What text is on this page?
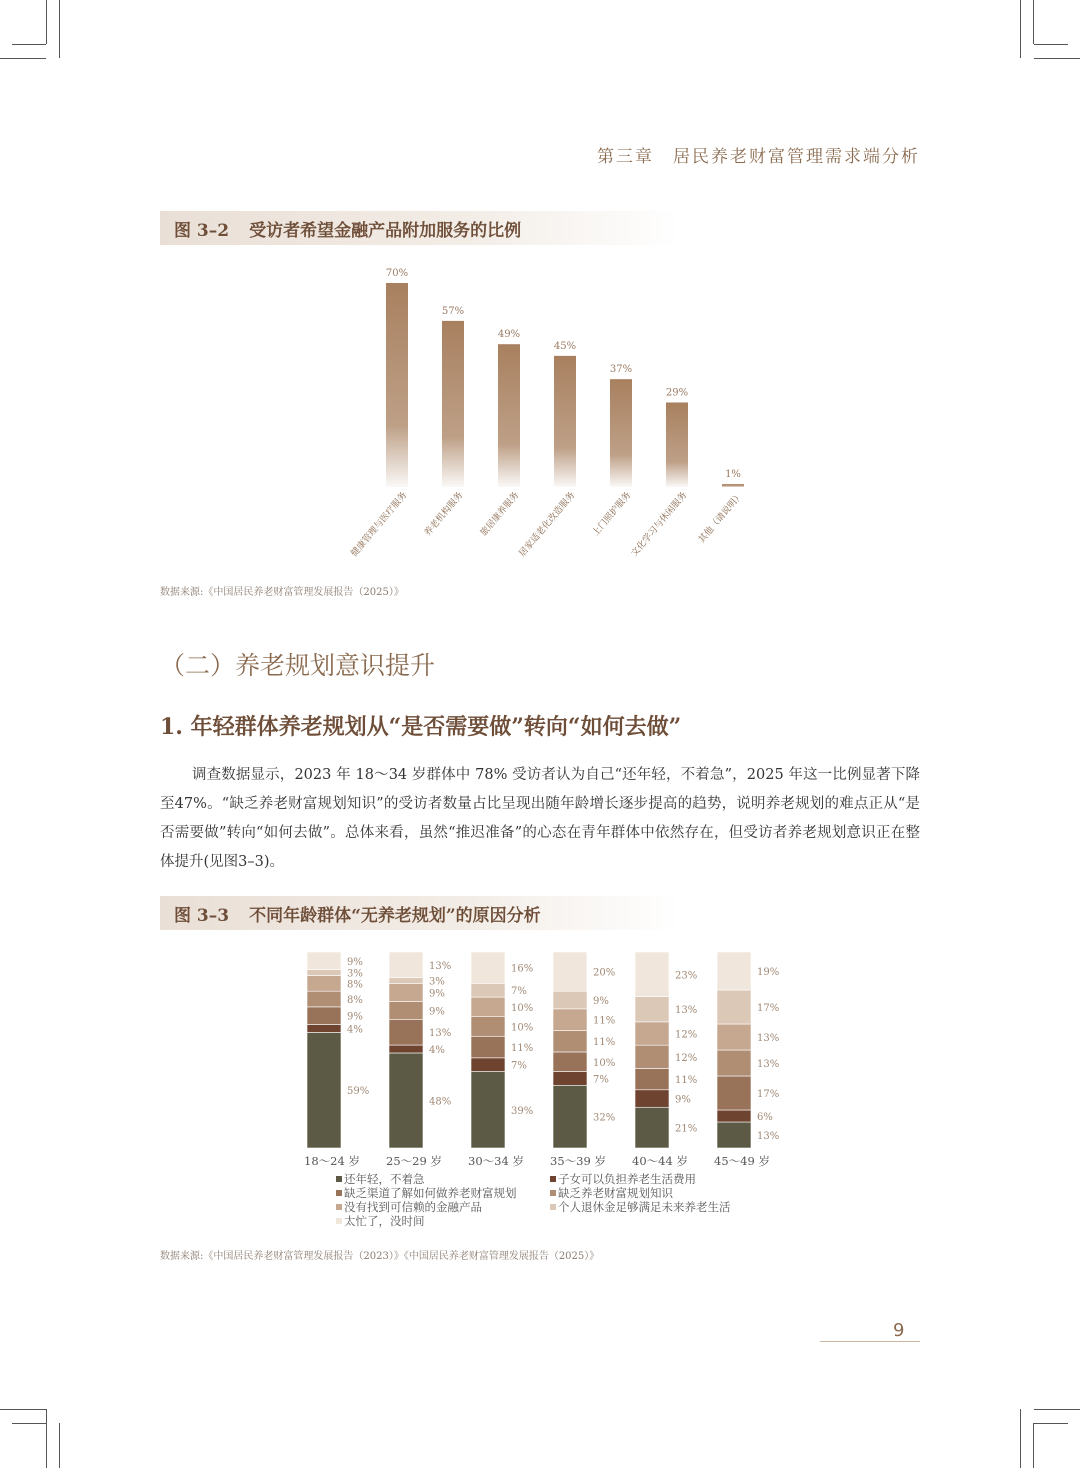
第三章　居民养老财富管理需求端分析
图 3–2 受访者希望金融产品附加服务的比例
70%
健康管理与医疗服务
57%
养老机构服务
49%
旅居康养服务
45%
居家适老化改造服务
37%
上门照护服务
29%
文化学习与休闲服务
1%
其他（请说明）
数据来源:《中国居民养老财富管理发展报告（2025）》
（二）养老规划意识提升
1. 年轻群体养老规划从“是否需要做”转向“如何去做”
调查数据显示，2023 年 18～34 岁群体中 78% 受访者认为自己“还年轻，不着急”，2025 年这一比例显著下降至47%。“缺乏养老财富规划知识”的受访者数量占比呈现出随年龄增长逐步提高的趋势，说明养老规划的难点正从“是否需要做”转向“如何去做”。总体来看，虽然“推迟准备”的心态在青年群体中依然存在，但受访者养老规划意识正在整体提升(见图3–3)。
图 3–3 不同年龄群体“无养老规划”的原因分析
59%
4%
9%
8%
8%
3%
9%
18～24 岁
48%
4%
13%
9%
9%
3%
13%
25～29 岁
39%
7%
11%
10%
10%
7%
16%
30～34 岁
32%
7%
10%
11%
11%
9%
20%
35～39 岁
21%
9%
11%
12%
12%
13%
23%
40～44 岁
13%
6%
17%
13%
13%
17%
19%
45～49 岁
还年轻，不着急	子女可以负担养老生活费用
缺乏渠道了解如何做养老财富规划	缺乏养老财富规划知识
没有找到可信赖的金融产品	个人退休金足够满足未来养老生活
太忙了，没时间
数据来源:《中国居民养老财富管理发展报告（2023）》《中国居民养老财富管理发展报告（2025）》
9
